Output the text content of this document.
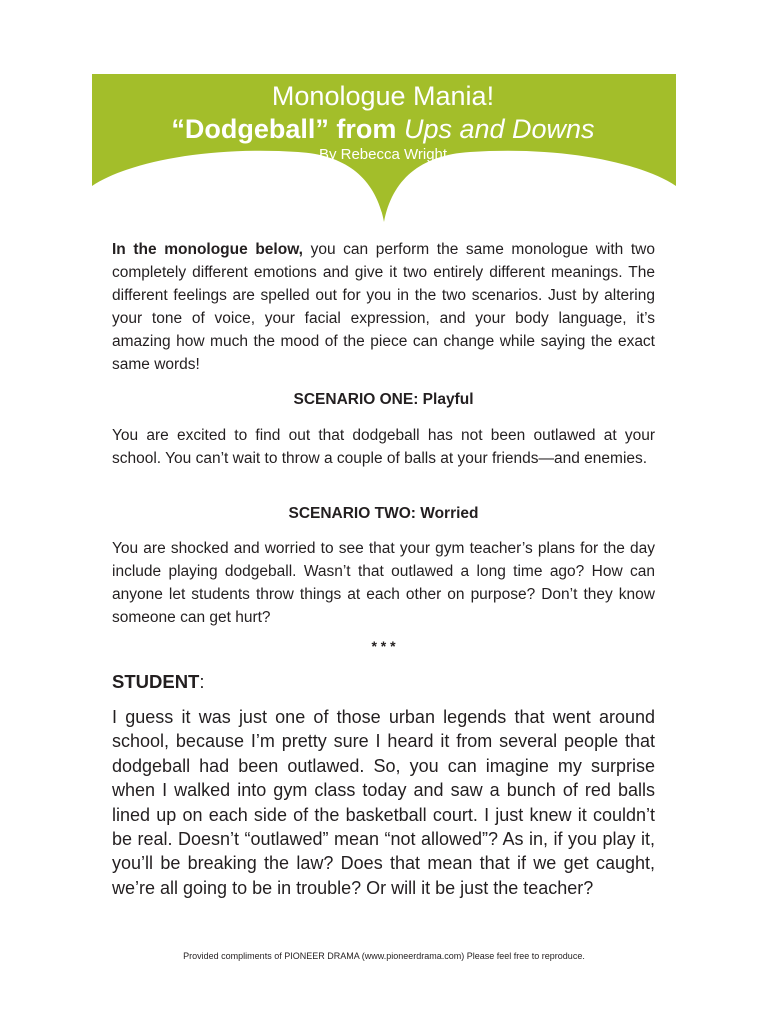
Monologue Mania!
“Dodgeball” from Ups and Downs
By Rebecca Wright

In the monologue below, you can perform the same monologue with two completely different emotions and give it two entirely different meanings. The different feelings are spelled out for you in the two scenarios. Just by altering your tone of voice, your facial expression, and your body language, it’s amazing how much the mood of the piece can change while saying the exact same words!

SCENARIO ONE: Playful

You are excited to find out that dodgeball has not been outlawed at your school. You can’t wait to throw a couple of balls at your friends—and enemies.

SCENARIO TWO: Worried

You are shocked and worried to see that your gym teacher’s plans for the day include playing dodgeball. Wasn’t that outlawed a long time ago? How can anyone let students throw things at each other on purpose? Don’t they know someone can get hurt?

* * *
STUDENT:

I guess it was just one of those urban legends that went around school, because I’m pretty sure I heard it from several people that dodgeball had been outlawed. So, you can imagine my surprise when I walked into gym class today and saw a bunch of red balls lined up on each side of the basketball court. I just knew it couldn’t be real. Doesn’t “outlawed” mean “not allowed”? As in, if you play it, you’ll be breaking the law? Does that mean that if we get caught, we’re all going to be in trouble? Or will it be just the teacher?

Provided compliments of PIONEER DRAMA (www.pioneerdrama.com) Please feel free to reproduce.
